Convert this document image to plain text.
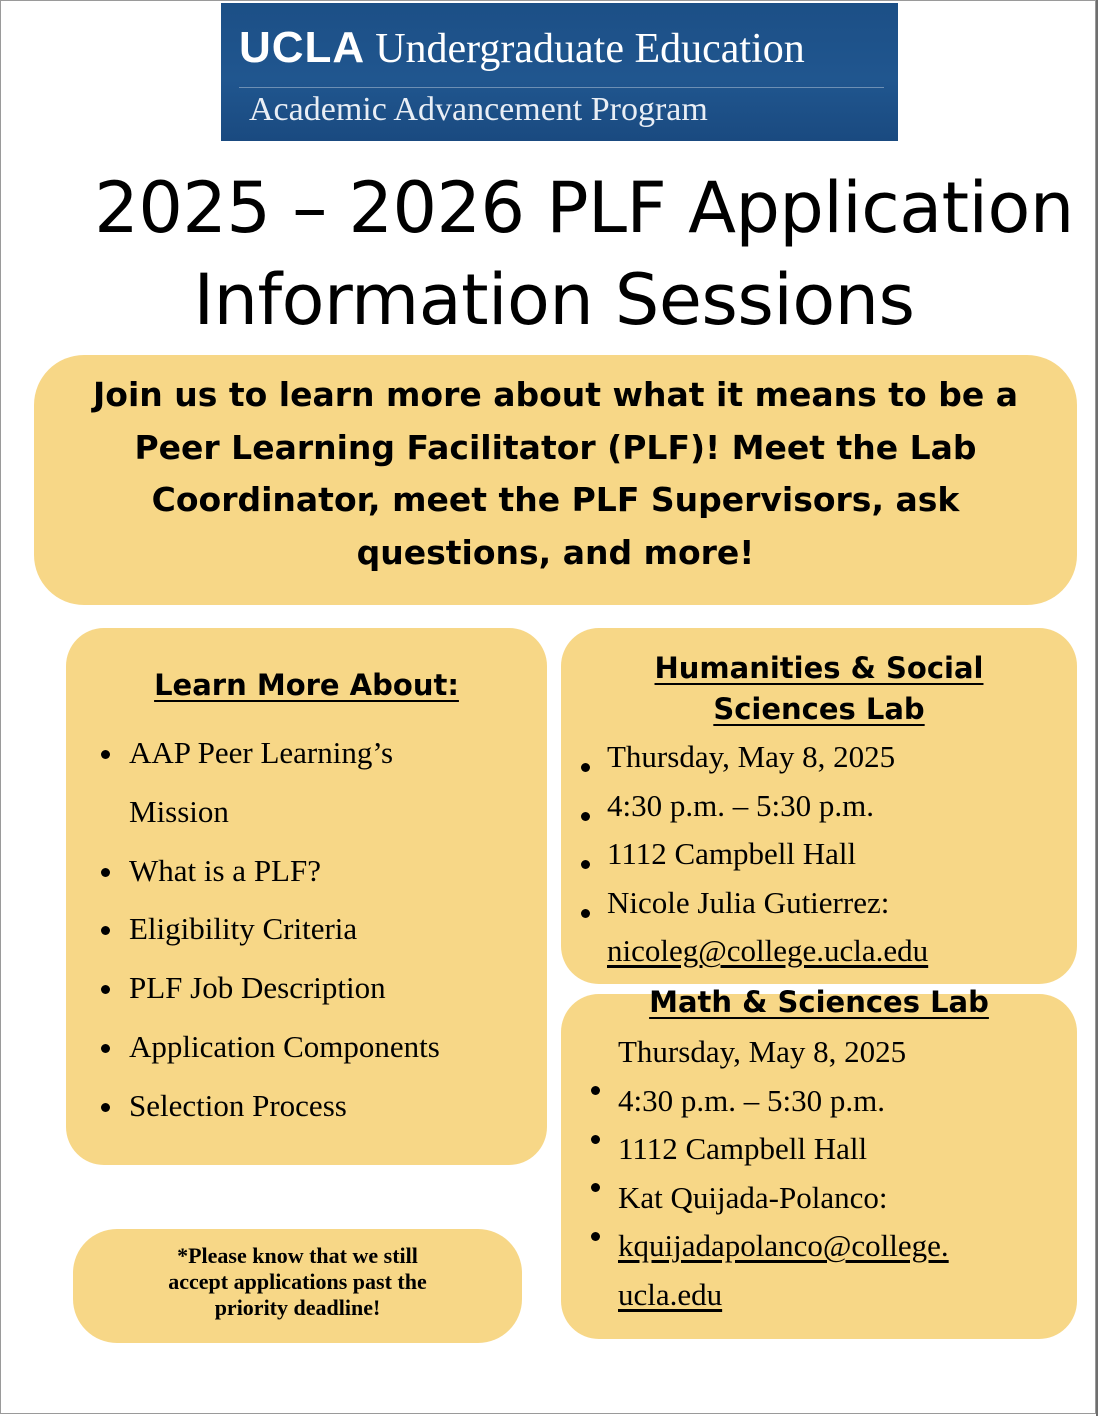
UCLA Undergraduate Education
Academic Advancement Program
2025 – 2026 PLF Application
Information Sessions
Join us to learn more about what it means to be a
Peer Learning Facilitator (PLF)! Meet the Lab
Coordinator, meet the PLF Supervisors, ask
questions, and more!
Learn More About:
AAP Peer Learning’s Mission
What is a PLF?
Eligibility Criteria
PLF Job Description
Application Components
Selection Process
*Please know that we still
accept applications past the
priority deadline!
Humanities & Social
Sciences Lab
Thursday, May 8, 2025
4:30 p.m. – 5:30 p.m.
1112 Campbell Hall
Nicole Julia Gutierrez:
nicoleg@college.ucla.edu
Math & Sciences Lab
Thursday, May 8, 2025
4:30 p.m. – 5:30 p.m.
1112 Campbell Hall
Kat Quijada-Polanco:
kquijadapolanco@college.
ucla.edu
